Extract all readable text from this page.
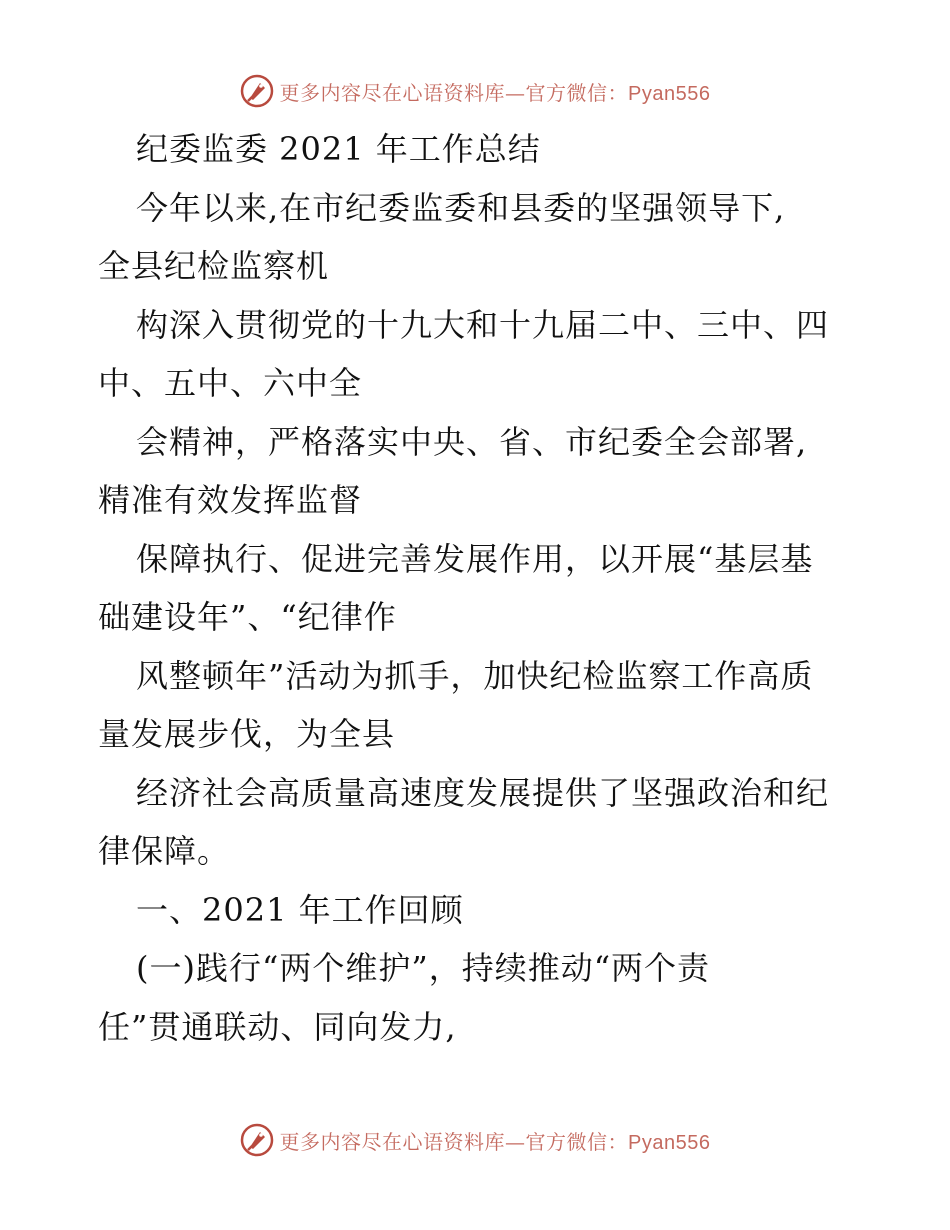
更多内容尽在心语资料库—官方微信：Pyan556
纪委监委 2021 年工作总结
今年以来,在市纪委监委和县委的坚强领导下,
全县纪检监察机
构深入贯彻党的十九大和十九届二中、三中、四
中、五中、六中全
会精神，严格落实中央、省、市纪委全会部署,
精准有效发挥监督
保障执行、促进完善发展作用，以开展“基层基
础建设年”、“纪律作
风整顿年”活动为抓手，加快纪检监察工作高质
量发展步伐，为全县
经济社会高质量高速度发展提供了坚强政治和纪
律保障。
一、2021 年工作回顾
(一)践行“两个维护”，持续推动“两个责
任”贯通联动、同向发力,
更多内容尽在心语资料库—官方微信：Pyan556
